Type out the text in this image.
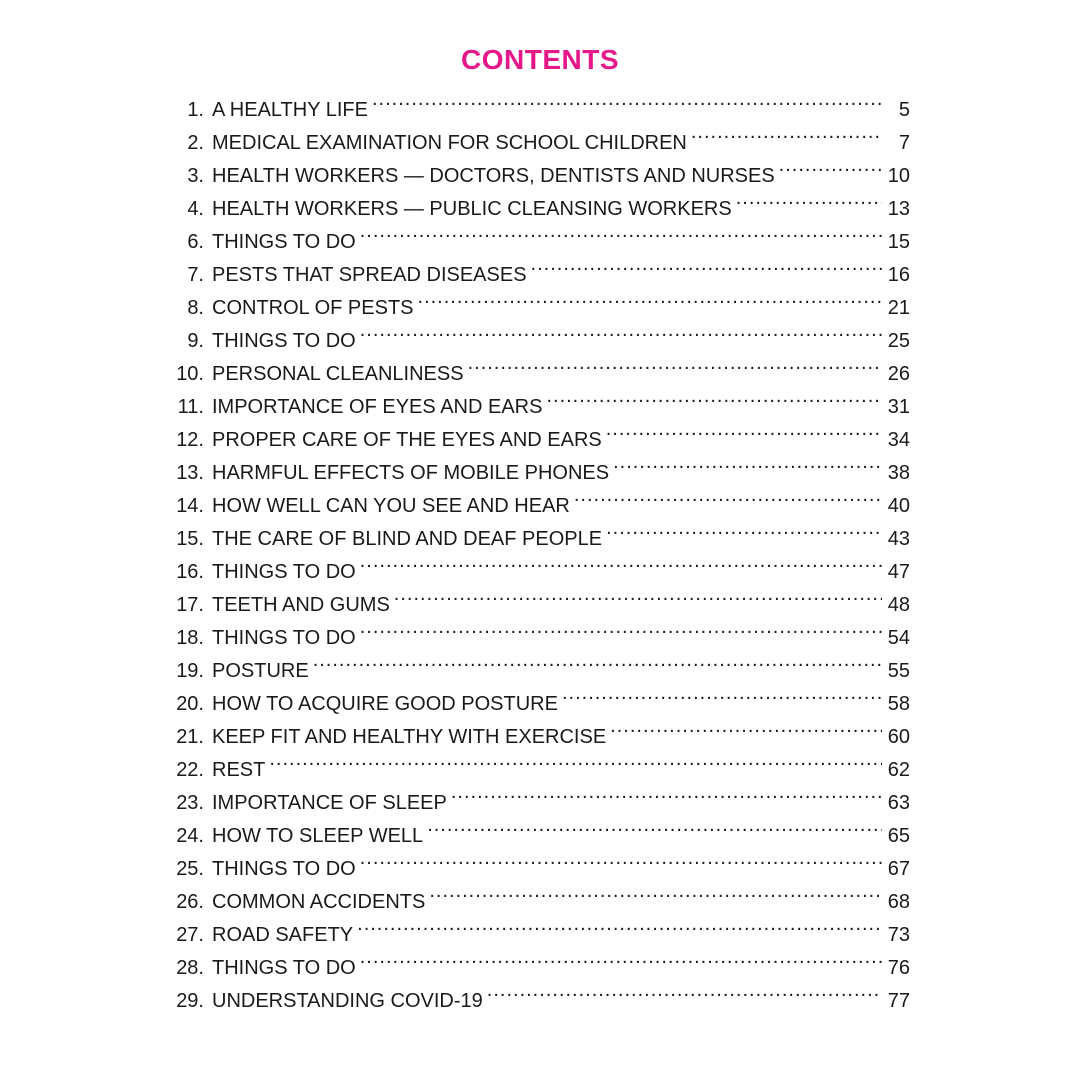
CONTENTS
1. A HEALTHY LIFE .....	5
2. MEDICAL EXAMINATION FOR SCHOOL CHILDREN .....	7
3. HEALTH WORKERS — DOCTORS, DENTISTS AND NURSES .....	10
4. HEALTH WORKERS — PUBLIC CLEANSING WORKERS .....	13
6. THINGS TO DO .....	15
7. PESTS THAT SPREAD DISEASES .....	16
8. CONTROL OF PESTS .....	21
9. THINGS TO DO .....	25
10. PERSONAL CLEANLINESS .....	26
11. IMPORTANCE OF EYES AND EARS .....	31
12. PROPER CARE OF THE EYES AND EARS .....	34
13. HARMFUL EFFECTS OF MOBILE PHONES .....	38
14. HOW WELL CAN YOU SEE AND HEAR .....	40
15. THE CARE OF BLIND AND DEAF PEOPLE .....	43
16. THINGS TO DO .....	47
17. TEETH AND GUMS .....	48
18. THINGS TO DO .....	54
19. POSTURE .....	55
20. HOW TO ACQUIRE GOOD POSTURE .....	58
21. KEEP FIT AND HEALTHY WITH EXERCISE .....	60
22. REST .....	62
23. IMPORTANCE OF SLEEP .....	63
24. HOW TO SLEEP WELL .....	65
25. THINGS TO DO .....	67
26. COMMON ACCIDENTS .....	68
27. ROAD SAFETY .....	73
28. THINGS TO DO .....	76
29. UNDERSTANDING COVID-19 .....	77
